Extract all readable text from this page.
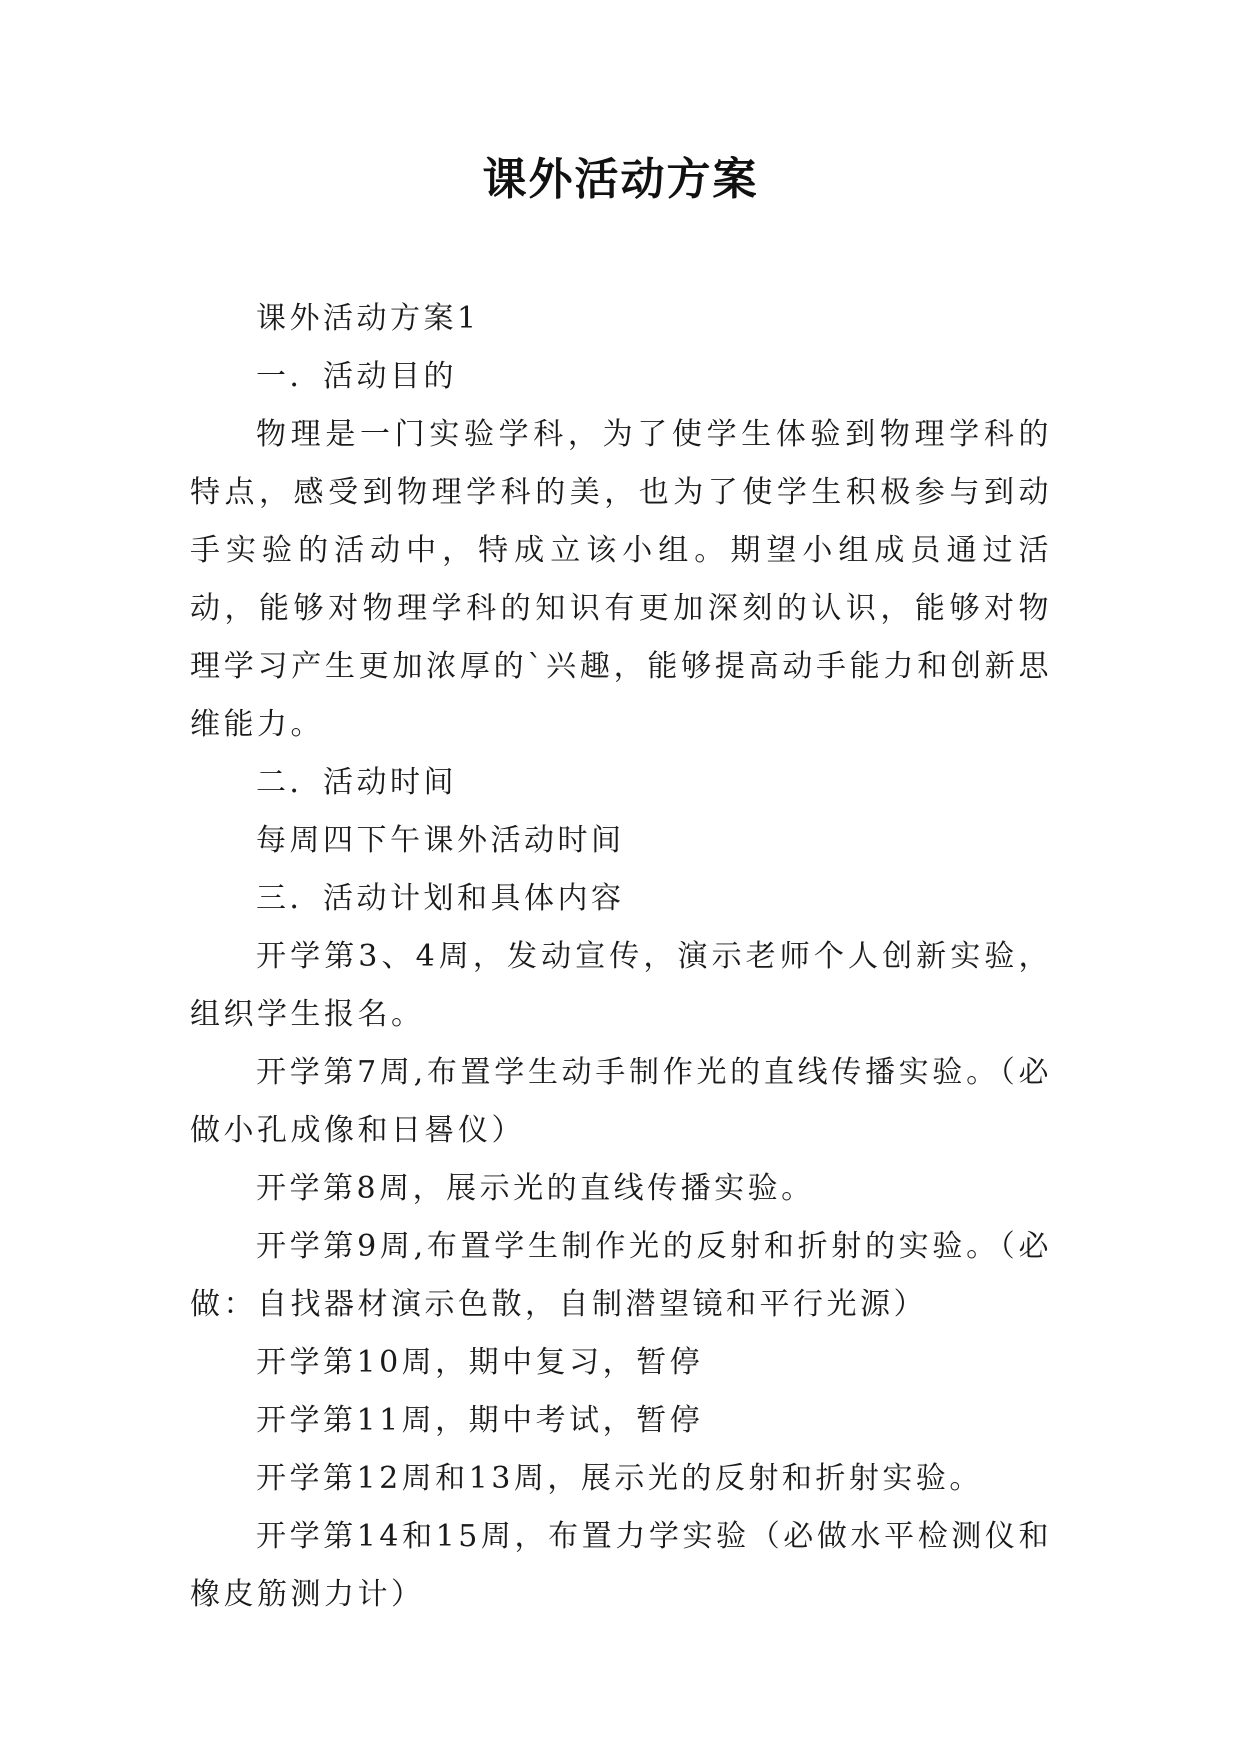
课外活动方案

课外活动方案1

一．活动目的

物理是一门实验学科，为了使学生体验到物理学科的特点，感受到物理学科的美，也为了使学生积极参与到动手实验的活动中，特成立该小组。期望小组成员通过活动，能够对物理学科的知识有更加深刻的认识，能够对物理学习产生更加浓厚的`兴趣，能够提高动手能力和创新思维能力。

二．活动时间

每周四下午课外活动时间

三．活动计划和具体内容

开学第3、4周，发动宣传，演示老师个人创新实验，组织学生报名。

开学第7周,布置学生动手制作光的直线传播实验。（必做小孔成像和日晷仪）

开学第8周，展示光的直线传播实验。

开学第9周,布置学生制作光的反射和折射的实验。（必做：自找器材演示色散，自制潜望镜和平行光源）

开学第10周，期中复习，暂停

开学第11周，期中考试，暂停

开学第12周和13周，展示光的反射和折射实验。

开学第14和15周，布置力学实验（必做水平检测仪和橡皮筋测力计）
